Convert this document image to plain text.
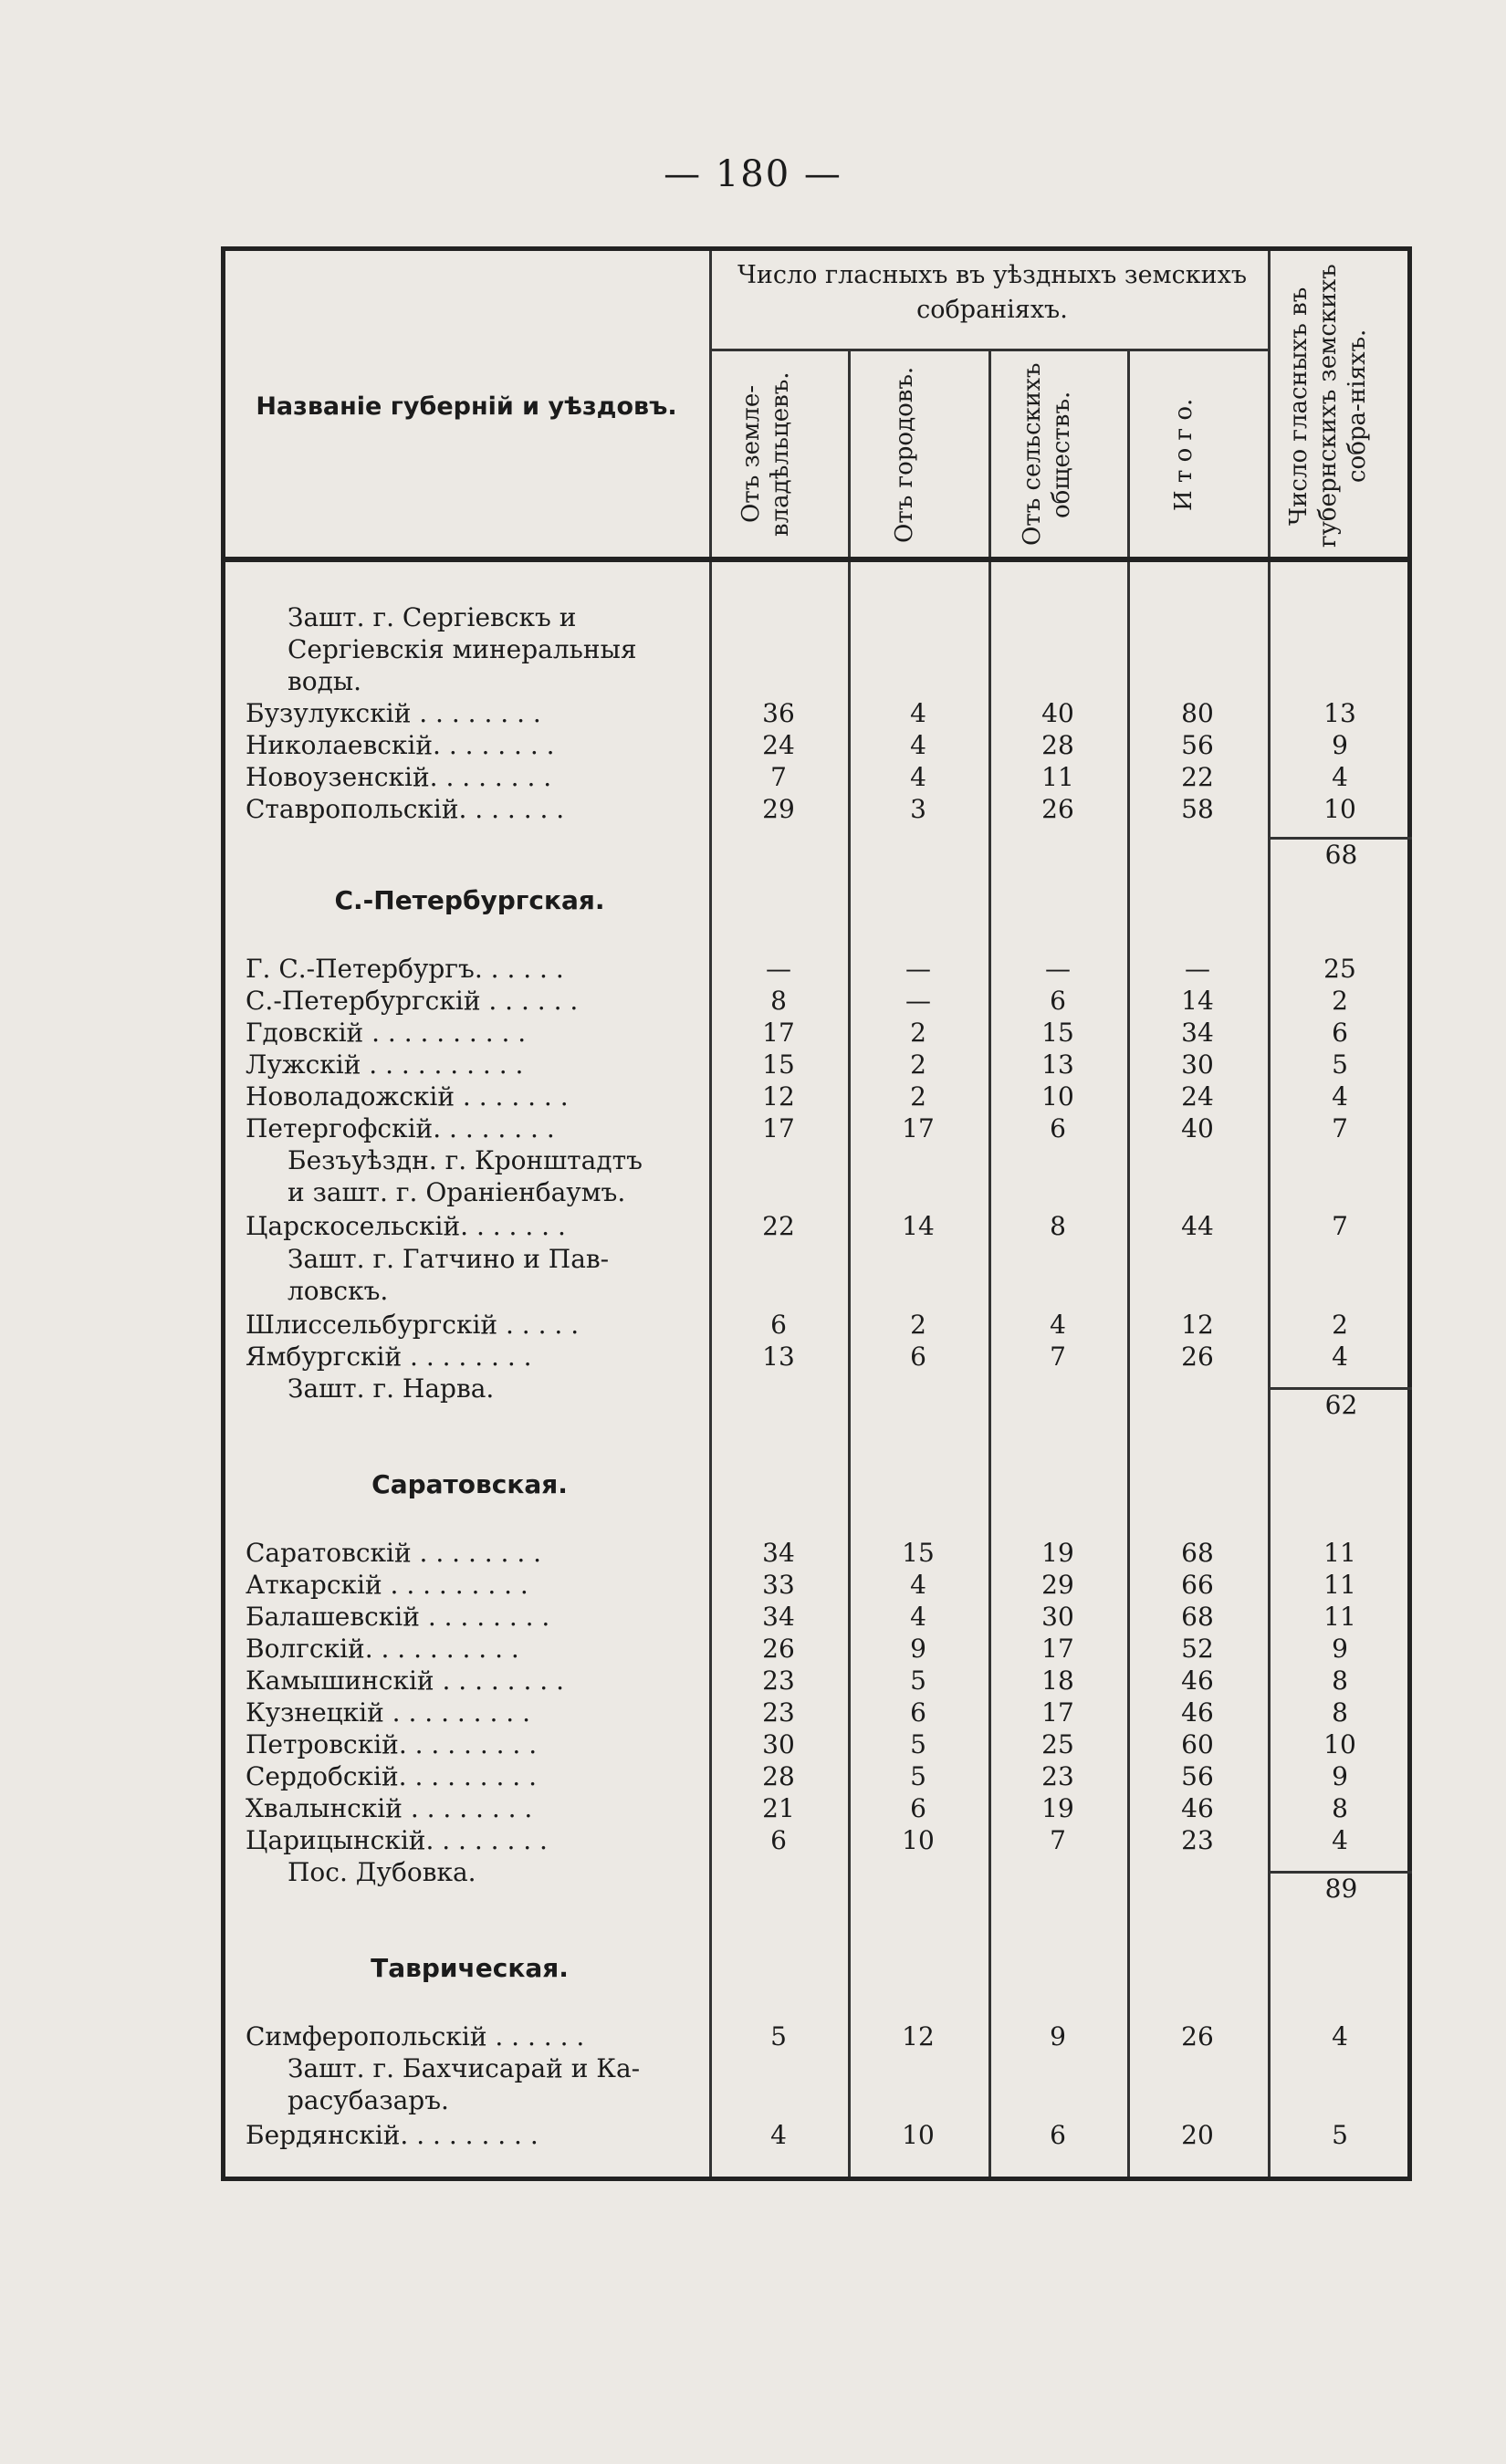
— 180 —
Названіе губерній и уѣздовъ.
Число гласныхъ въ уѣздныхъ земскихъ собраніяхъ.
Отъ земле-владѣльцевъ.	Отъ городовъ.	Отъ сельскихъ обществъ.	И т о г о.	Число гласныхъ въ губернскихъ земскихъ собра-ніяхъ.
Зашт. г. Сергіевскъ и
Сергіевскія минеральныя
воды.
Бузулукскій . . . . . . . .	36	4	40	80	13
Николаевскій. . . . . . . .	24	4	28	56	9
Новоузенскій. . . . . . . .	7	4	11	22	4
Ставропольскій. . . . . . .	29	3	26	58	10
68
С.-Петербургская.
Г. С.-Петербургъ. . . . . .	—	—	—	—	25
С.-Петербургскій . . . . . .	8	—	6	14	2
Гдовскій . . . . . . . . . .	17	2	15	34	6
Лужскій . . . . . . . . . .	15	2	13	30	5
Новоладожскій . . . . . . .	12	2	10	24	4
Петергофскій. . . . . . . .	17	17	6	40	7
Безъуѣздн. г. Кронштадтъ
и зашт. г. Ораніенбаумъ.
Царскосельскій. . . . . . .	22	14	8	44	7
Зашт. г. Гатчино и Пав-
ловскъ.
Шлиссельбургскій . . . . .	6	2	4	12	2
Ямбургскій . . . . . . . .	13	6	7	26	4
Зашт. г. Нарва.
62
Саратовская.
Саратовскій . . . . . . . .	34	15	19	68	11
Аткарскій . . . . . . . . .	33	4	29	66	11
Балашевскій . . . . . . . .	34	4	30	68	11
Волгскій. . . . . . . . . .	26	9	17	52	9
Камышинскій . . . . . . . .	23	5	18	46	8
Кузнецкій . . . . . . . . .	23	6	17	46	8
Петровскій. . . . . . . . .	30	5	25	60	10
Сердобскій. . . . . . . . .	28	5	23	56	9
Хвалынскій . . . . . . . .	21	6	19	46	8
Царицынскій. . . . . . . .	6	10	7	23	4
Пос. Дубовка.
89
Таврическая.
Симферопольскій . . . . . .	5	12	9	26	4
Зашт. г. Бахчисарай и Ка-
расубазаръ.
Бердянскій. . . . . . . . .	4	10	6	20	5
